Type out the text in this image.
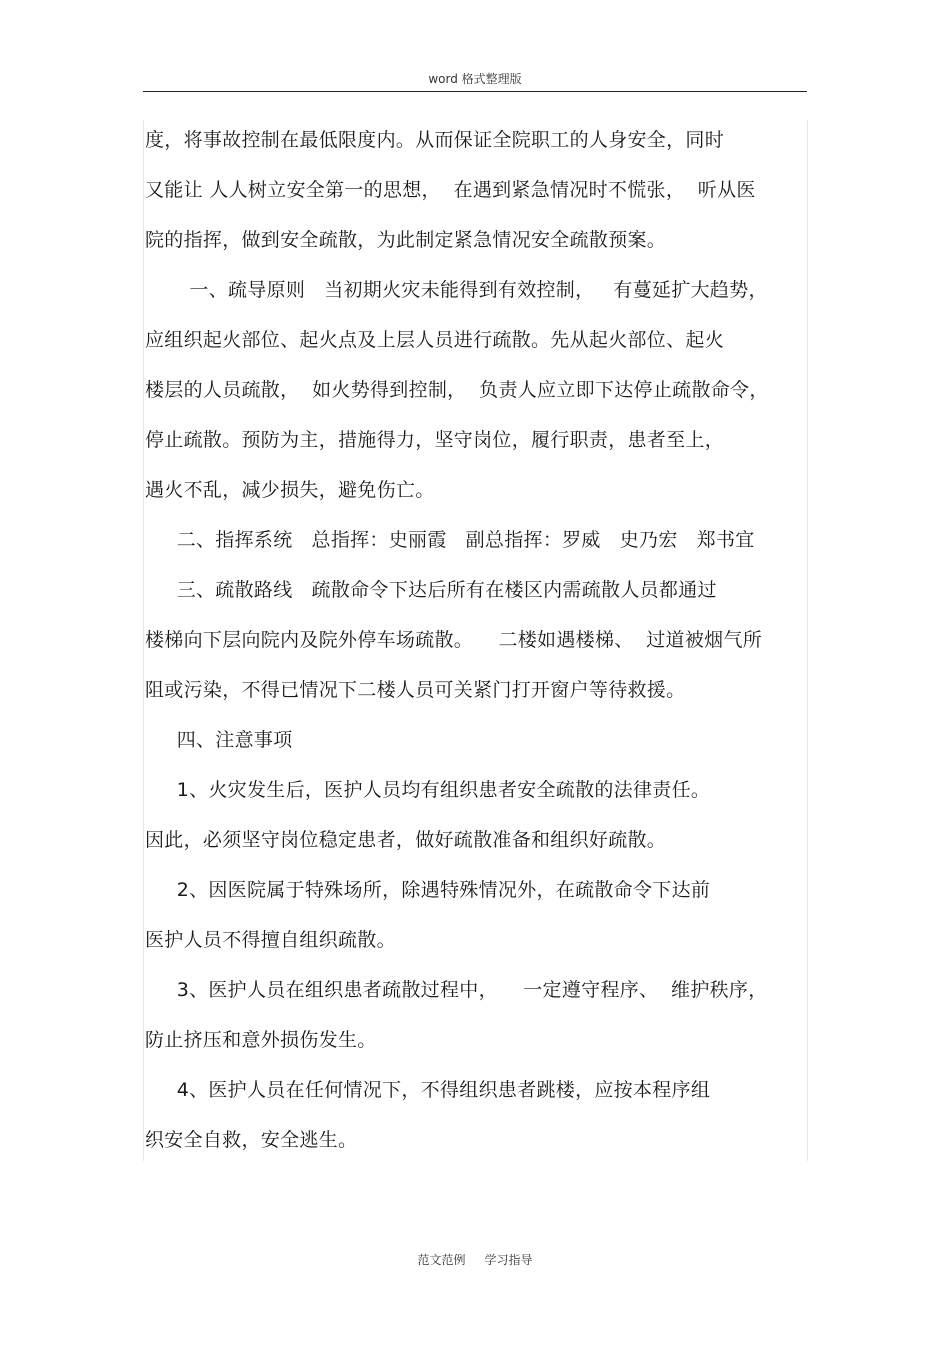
word 格式整理版
度，将事故控制在最低限度内。从而保证全院职工的人身安全，同时
又能让 人人树立安全第一的思想，  在遇到紧急情况时不慌张，  听从医
院的指挥，做到安全疏散，为此制定紧急情况安全疏散预案。
一、疏导原则   当初期火灾未能得到有效控制，   有蔓延扩大趋势，
应组织起火部位、起火点及上层人员进行疏散。先从起火部位、起火
楼层的人员疏散，  如火势得到控制，  负责人应立即下达停止疏散命令，
停止疏散。预防为主，措施得力，坚守岗位，履行职责，患者至上，
遇火不乱，减少损失，避免伤亡。
二、指挥系统   总指挥：史丽霞   副总指挥：罗威   史乃宏   郑书宜
三、疏散路线   疏散命令下达后所有在楼区内需疏散人员都通过
楼梯向下层向院内及院外停车场疏散。    二楼如遇楼梯、  过道被烟气所
阻或污染，不得已情况下二楼人员可关紧门打开窗户等待救援。
四、注意事项
1、火灾发生后，医护人员均有组织患者安全疏散的法律责任。
因此，必须坚守岗位稳定患者，做好疏散准备和组织好疏散。
2、因医院属于特殊场所，除遇特殊情况外，在疏散命令下达前
医护人员不得擅自组织疏散。
3、医护人员在组织患者疏散过程中，    一定遵守程序、  维护秩序，
防止挤压和意外损伤发生。
4、医护人员在任何情况下，不得组织患者跳楼，应按本程序组
织安全自救，安全逃生。
范文范例     学习指导
